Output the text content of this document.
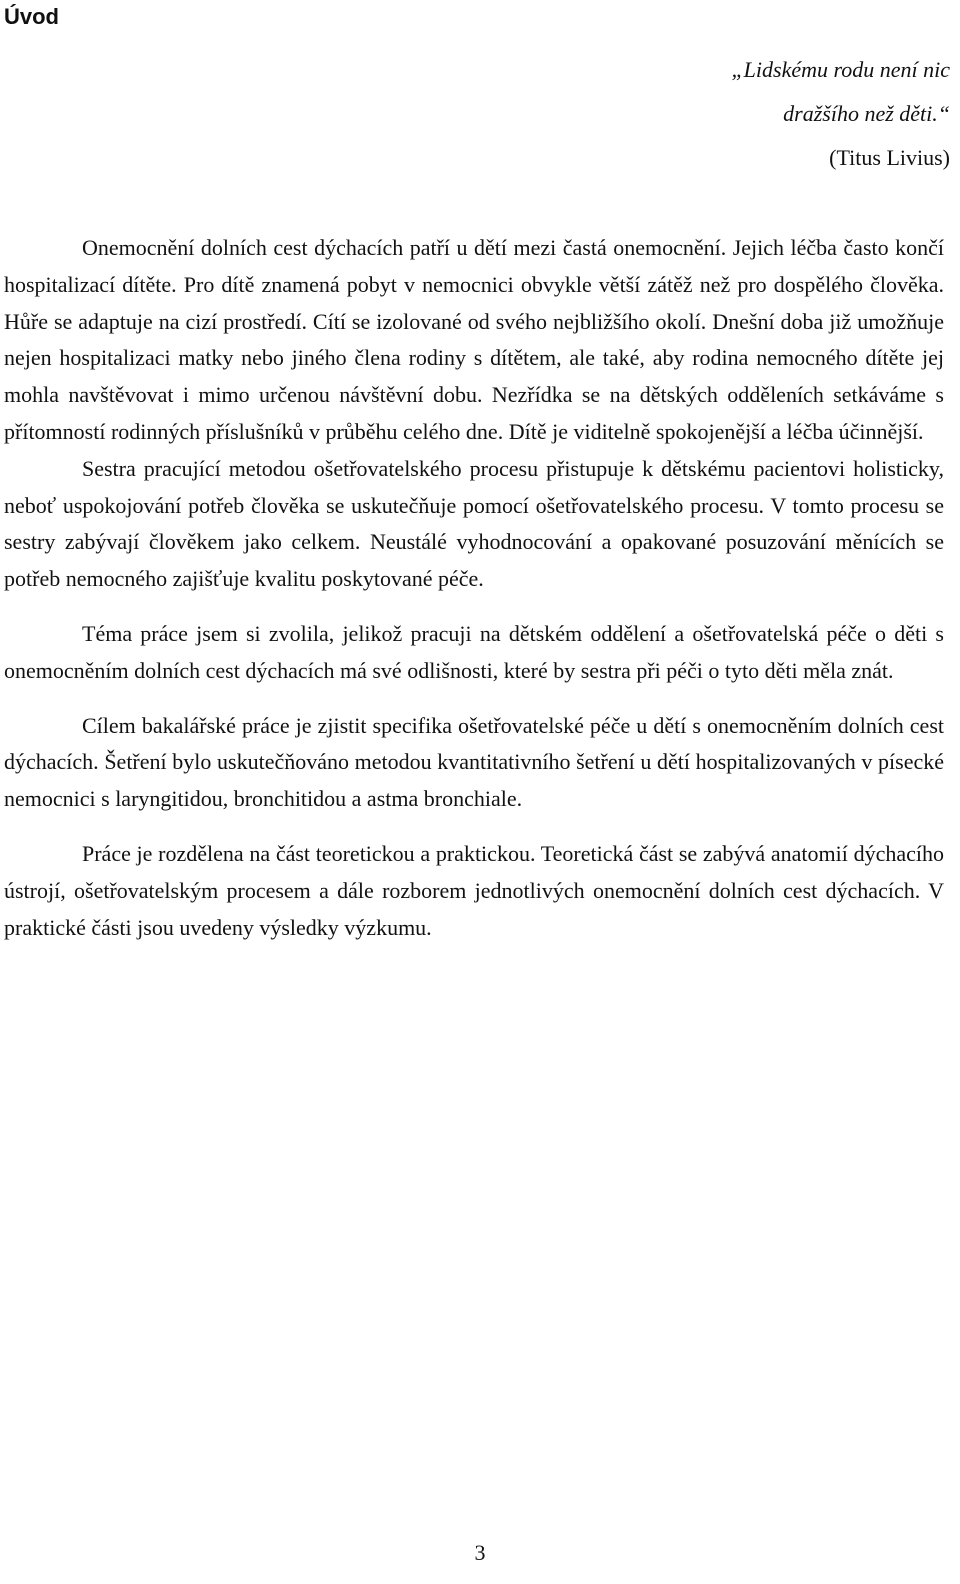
Úvod
„Lidskému rodu není nic
dražšího než děti.“
(Titus Livius)

Onemocnění dolních cest dýchacích patří u dětí mezi častá onemocnění. Jejich léčba často končí hospitalizací dítěte. Pro dítě znamená pobyt v nemocnici obvykle větší zátěž než pro dospělého člověka. Hůře se adaptuje na cizí prostředí. Cítí se izolované od svého nejbližšího okolí. Dnešní doba již umožňuje nejen hospitalizaci matky nebo jiného člena rodiny s dítětem, ale také, aby rodina nemocného dítěte jej mohla navštěvovat i mimo určenou návštěvní dobu. Nezřídka se na dětských odděleních setkáváme s přítomností rodinných příslušníků v průběhu celého dne. Dítě je viditelně spokojenější a léčba účinnější.

Sestra pracující metodou ošetřovatelského procesu přistupuje k dětskému pacientovi holisticky, neboť uspokojování potřeb člověka se uskutečňuje pomocí ošetřovatelského procesu. V tomto procesu se sestry zabývají člověkem jako celkem. Neustálé vyhodnocování a opakované posuzování měnících se potřeb nemocného zajišťuje kvalitu poskytované péče.

Téma práce jsem si zvolila, jelikož pracuji na dětském oddělení a ošetřovatelská péče o děti s onemocněním dolních cest dýchacích má své odlišnosti, které by sestra při péči o tyto děti měla znát.

Cílem bakalářské práce je zjistit specifika ošetřovatelské péče u dětí s onemocněním dolních cest dýchacích. Šetření bylo uskutečňováno metodou kvantitativního šetření u dětí hospitalizovaných v písecké nemocnici s laryngitidou, bronchitidou a astma bronchiale.

Práce je rozdělena na část teoretickou a praktickou. Teoretická část se zabývá anatomií dýchacího ústrojí, ošetřovatelským procesem a dále rozborem jednotlivých onemocnění dolních cest dýchacích. V praktické části jsou uvedeny výsledky výzkumu.

3
